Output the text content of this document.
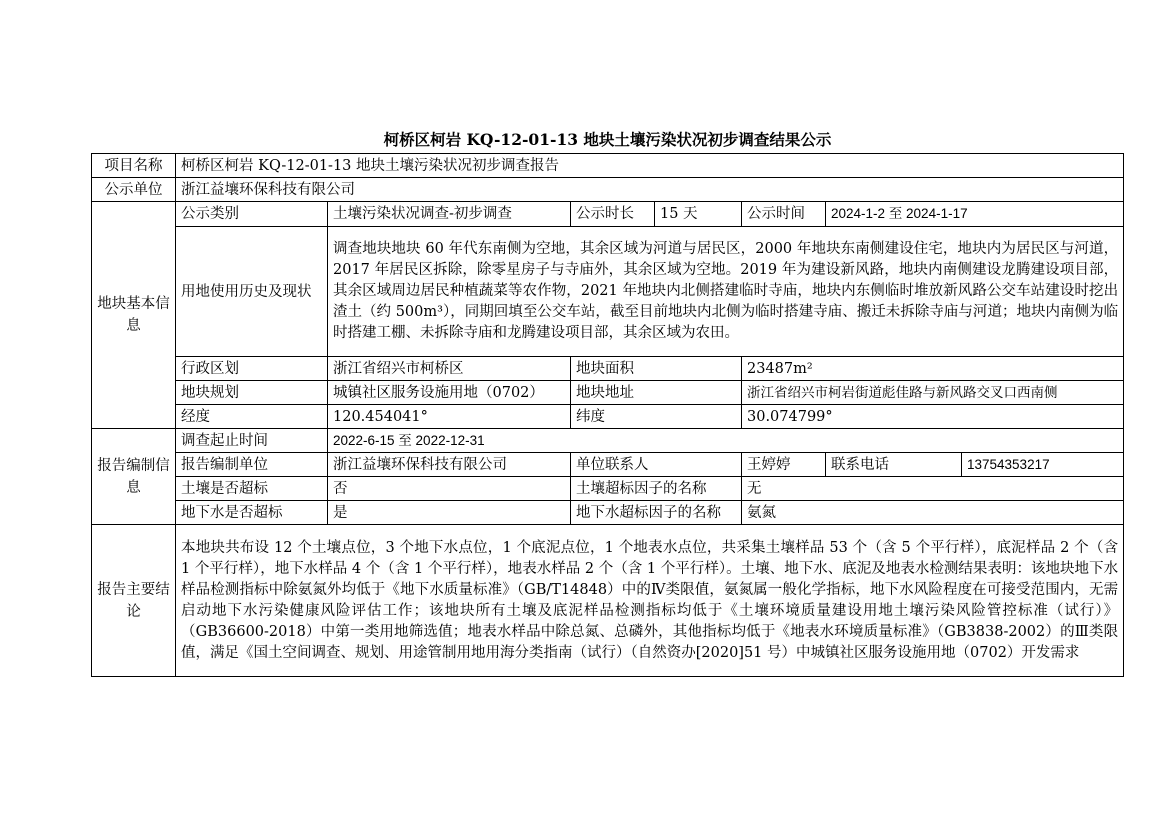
柯桥区柯岩 KQ-12-01-13 地块土壤污染状况初步调查结果公示
项目名称	柯桥区柯岩 KQ-12-01-13 地块土壤污染状况初步调查报告						
公示单位	浙江益壤环保科技有限公司						
地块基本信息	公示类别	土壤污染状况调查-初步调查	公示时长	15 天	公示时间	2024-1-2 至 2024-1-17	
	用地使用历史及现状	调查地块地块 60 年代东南侧为空地，其余区域为河道与居民区，2000 年地块东南侧建设住宅，地块内为居民区与河道，2017 年居民区拆除，除零星房子与寺庙外，其余区域为空地。2019 年为建设新风路，地块内南侧建设龙腾建设项目部，其余区域周边居民种植蔬菜等农作物，2021 年地块内北侧搭建临时寺庙，地块内东侧临时堆放新风路公交车站建设时挖出渣土（约 500m³），同期回填至公交车站，截至目前地块内北侧为临时搭建寺庙、搬迁未拆除寺庙与河道；地块内南侧为临时搭建工棚、未拆除寺庙和龙腾建设项目部，其余区域为农田。					
	行政区划	浙江省绍兴市柯桥区	地块面积		23487m²		
	地块规划	城镇社区服务设施用地（0702）	地块地址		浙江省绍兴市柯岩街道彪佳路与新风路交叉口西南侧		
	经度	120.454041°	纬度		30.074799°		
报告编制信息	调查起止时间	2022-6-15 至 2022-12-31					
	报告编制单位	浙江益壤环保科技有限公司	单位联系人		王婷婷	联系电话	13754353217
	土壤是否超标	否	土壤超标因子的名称		无		
	地下水是否超标	是	地下水超标因子的名称		氨氮		
报告主要结论	本地块共布设 12 个土壤点位，3 个地下水点位，1 个底泥点位，1 个地表水点位，共采集土壤样品 53 个（含 5 个平行样），底泥样品 2 个（含 1 个平行样），地下水样品 4 个（含 1 个平行样），地表水样品 2 个（含 1 个平行样）。土壤、地下水、底泥及地表水检测结果表明：该地块地下水样品检测指标中除氨氮外均低于《地下水质量标准》（GB/T14848）中的Ⅳ类限值，氨氮属一般化学指标，地下水风险程度在可接受范围内，无需启动地下水污染健康风险评估工作；该地块所有土壤及底泥样品检测指标均低于《土壤环境质量建设用地土壤污染风险管控标准（试行）》（GB36600-2018）中第一类用地筛选值；地表水样品中除总氮、总磷外，其他指标均低于《地表水环境质量标准》（GB3838-2002）的Ⅲ类限值，满足《国土空间调查、规划、用途管制用地用海分类指南（试行）（自然资办[2020]51 号）中城镇社区服务设施用地（0702）开发需求						
